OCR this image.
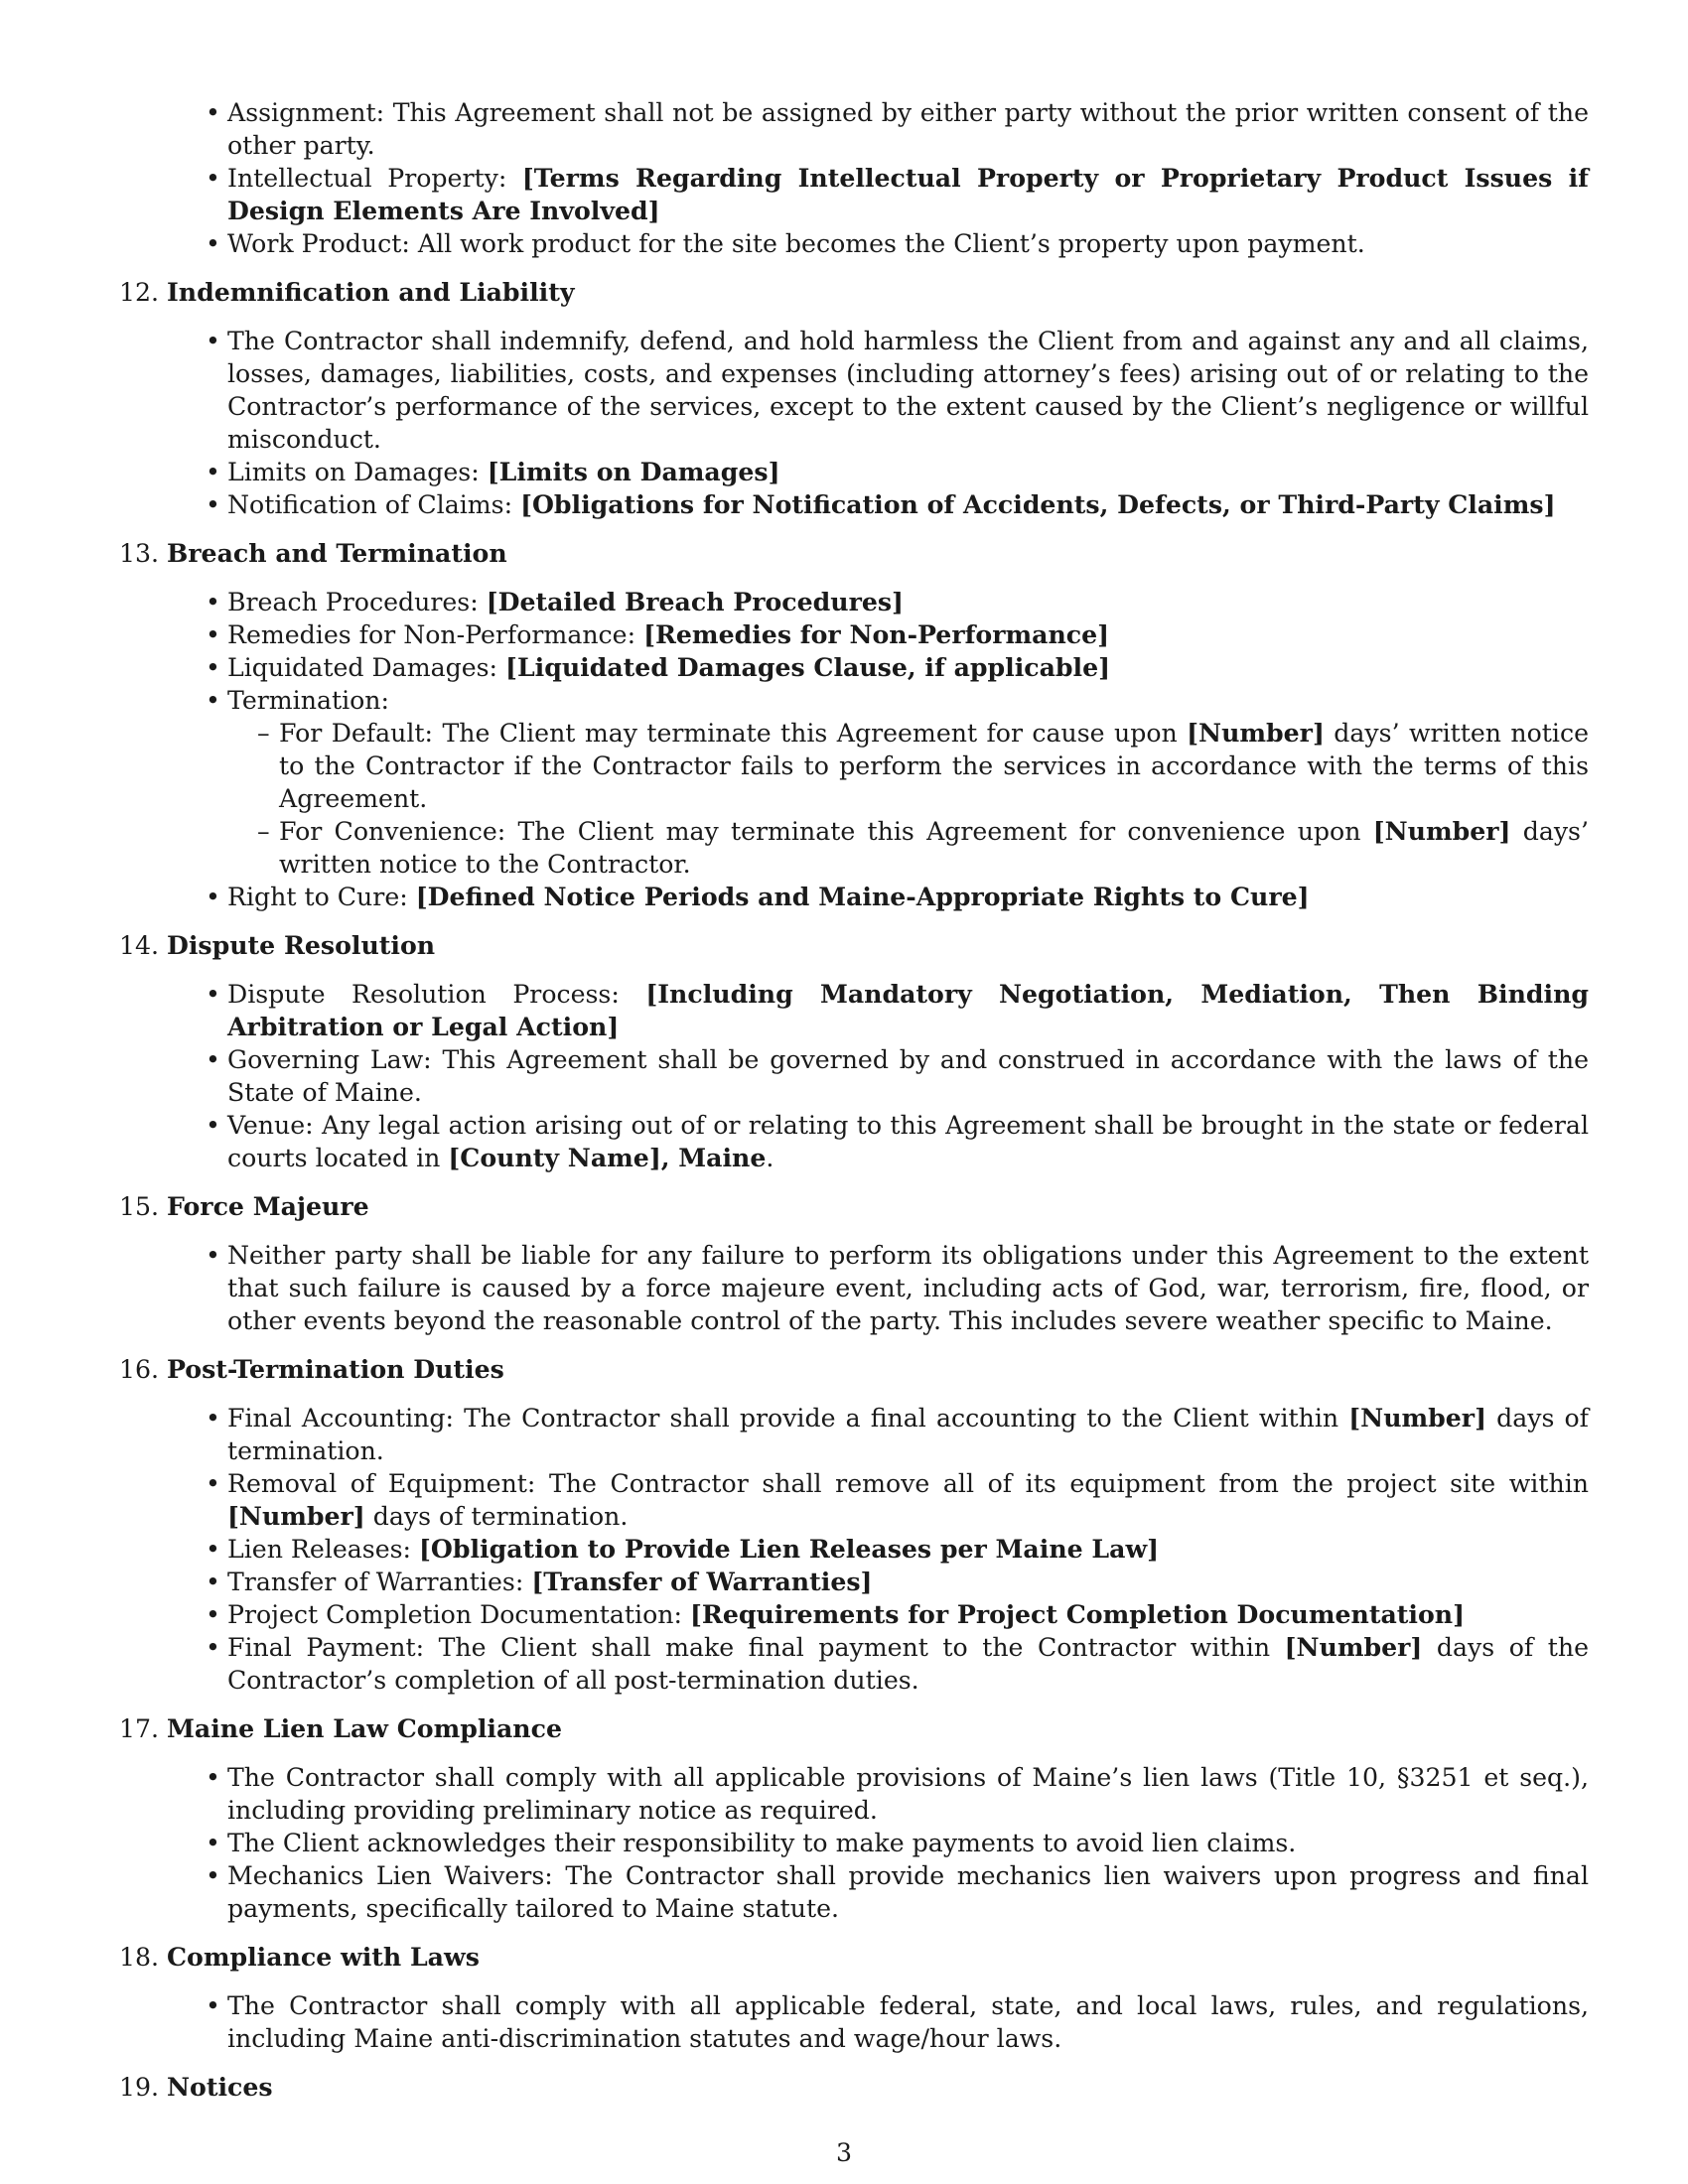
• Assignment: This Agreement shall not be assigned by either party without the prior written consent of the other party.
• Intellectual Property: [Terms Regarding Intellectual Property or Proprietary Product Issues if Design Elements Are Involved]
• Work Product: All work product for the site becomes the Client’s property upon payment.
12. Indemnification and Liability
• The Contractor shall indemnify, defend, and hold harmless the Client from and against any and all claims, losses, damages, liabilities, costs, and expenses (including attorney’s fees) arising out of or relating to the Contractor’s performance of the services, except to the extent caused by the Client’s negligence or willful misconduct.
• Limits on Damages: [Limits on Damages]
• Notification of Claims: [Obligations for Notification of Accidents, Defects, or Third-Party Claims]
13. Breach and Termination
• Breach Procedures: [Detailed Breach Procedures]
• Remedies for Non-Performance: [Remedies for Non-Performance]
• Liquidated Damages: [Liquidated Damages Clause, if applicable]
• Termination:
– For Default: The Client may terminate this Agreement for cause upon [Number] days’ written notice to the Contractor if the Contractor fails to perform the services in accordance with the terms of this Agreement.
– For Convenience: The Client may terminate this Agreement for convenience upon [Number] days’ written notice to the Contractor.
• Right to Cure: [Defined Notice Periods and Maine-Appropriate Rights to Cure]
14. Dispute Resolution
• Dispute Resolution Process: [Including Mandatory Negotiation, Mediation, Then Binding Arbitration or Legal Action]
• Governing Law: This Agreement shall be governed by and construed in accordance with the laws of the State of Maine.
• Venue: Any legal action arising out of or relating to this Agreement shall be brought in the state or federal courts located in [County Name], Maine.
15. Force Majeure
• Neither party shall be liable for any failure to perform its obligations under this Agreement to the extent that such failure is caused by a force majeure event, including acts of God, war, terrorism, fire, flood, or other events beyond the reasonable control of the party. This includes severe weather specific to Maine.
16. Post-Termination Duties
• Final Accounting: The Contractor shall provide a final accounting to the Client within [Number] days of termination.
• Removal of Equipment: The Contractor shall remove all of its equipment from the project site within [Number] days of termination.
• Lien Releases: [Obligation to Provide Lien Releases per Maine Law]
• Transfer of Warranties: [Transfer of Warranties]
• Project Completion Documentation: [Requirements for Project Completion Documentation]
• Final Payment: The Client shall make final payment to the Contractor within [Number] days of the Contractor’s completion of all post-termination duties.
17. Maine Lien Law Compliance
• The Contractor shall comply with all applicable provisions of Maine’s lien laws (Title 10, §3251 et seq.), including providing preliminary notice as required.
• The Client acknowledges their responsibility to make payments to avoid lien claims.
• Mechanics Lien Waivers: The Contractor shall provide mechanics lien waivers upon progress and final payments, specifically tailored to Maine statute.
18. Compliance with Laws
• The Contractor shall comply with all applicable federal, state, and local laws, rules, and regulations, including Maine anti-discrimination statutes and wage/hour laws.
19. Notices
3
